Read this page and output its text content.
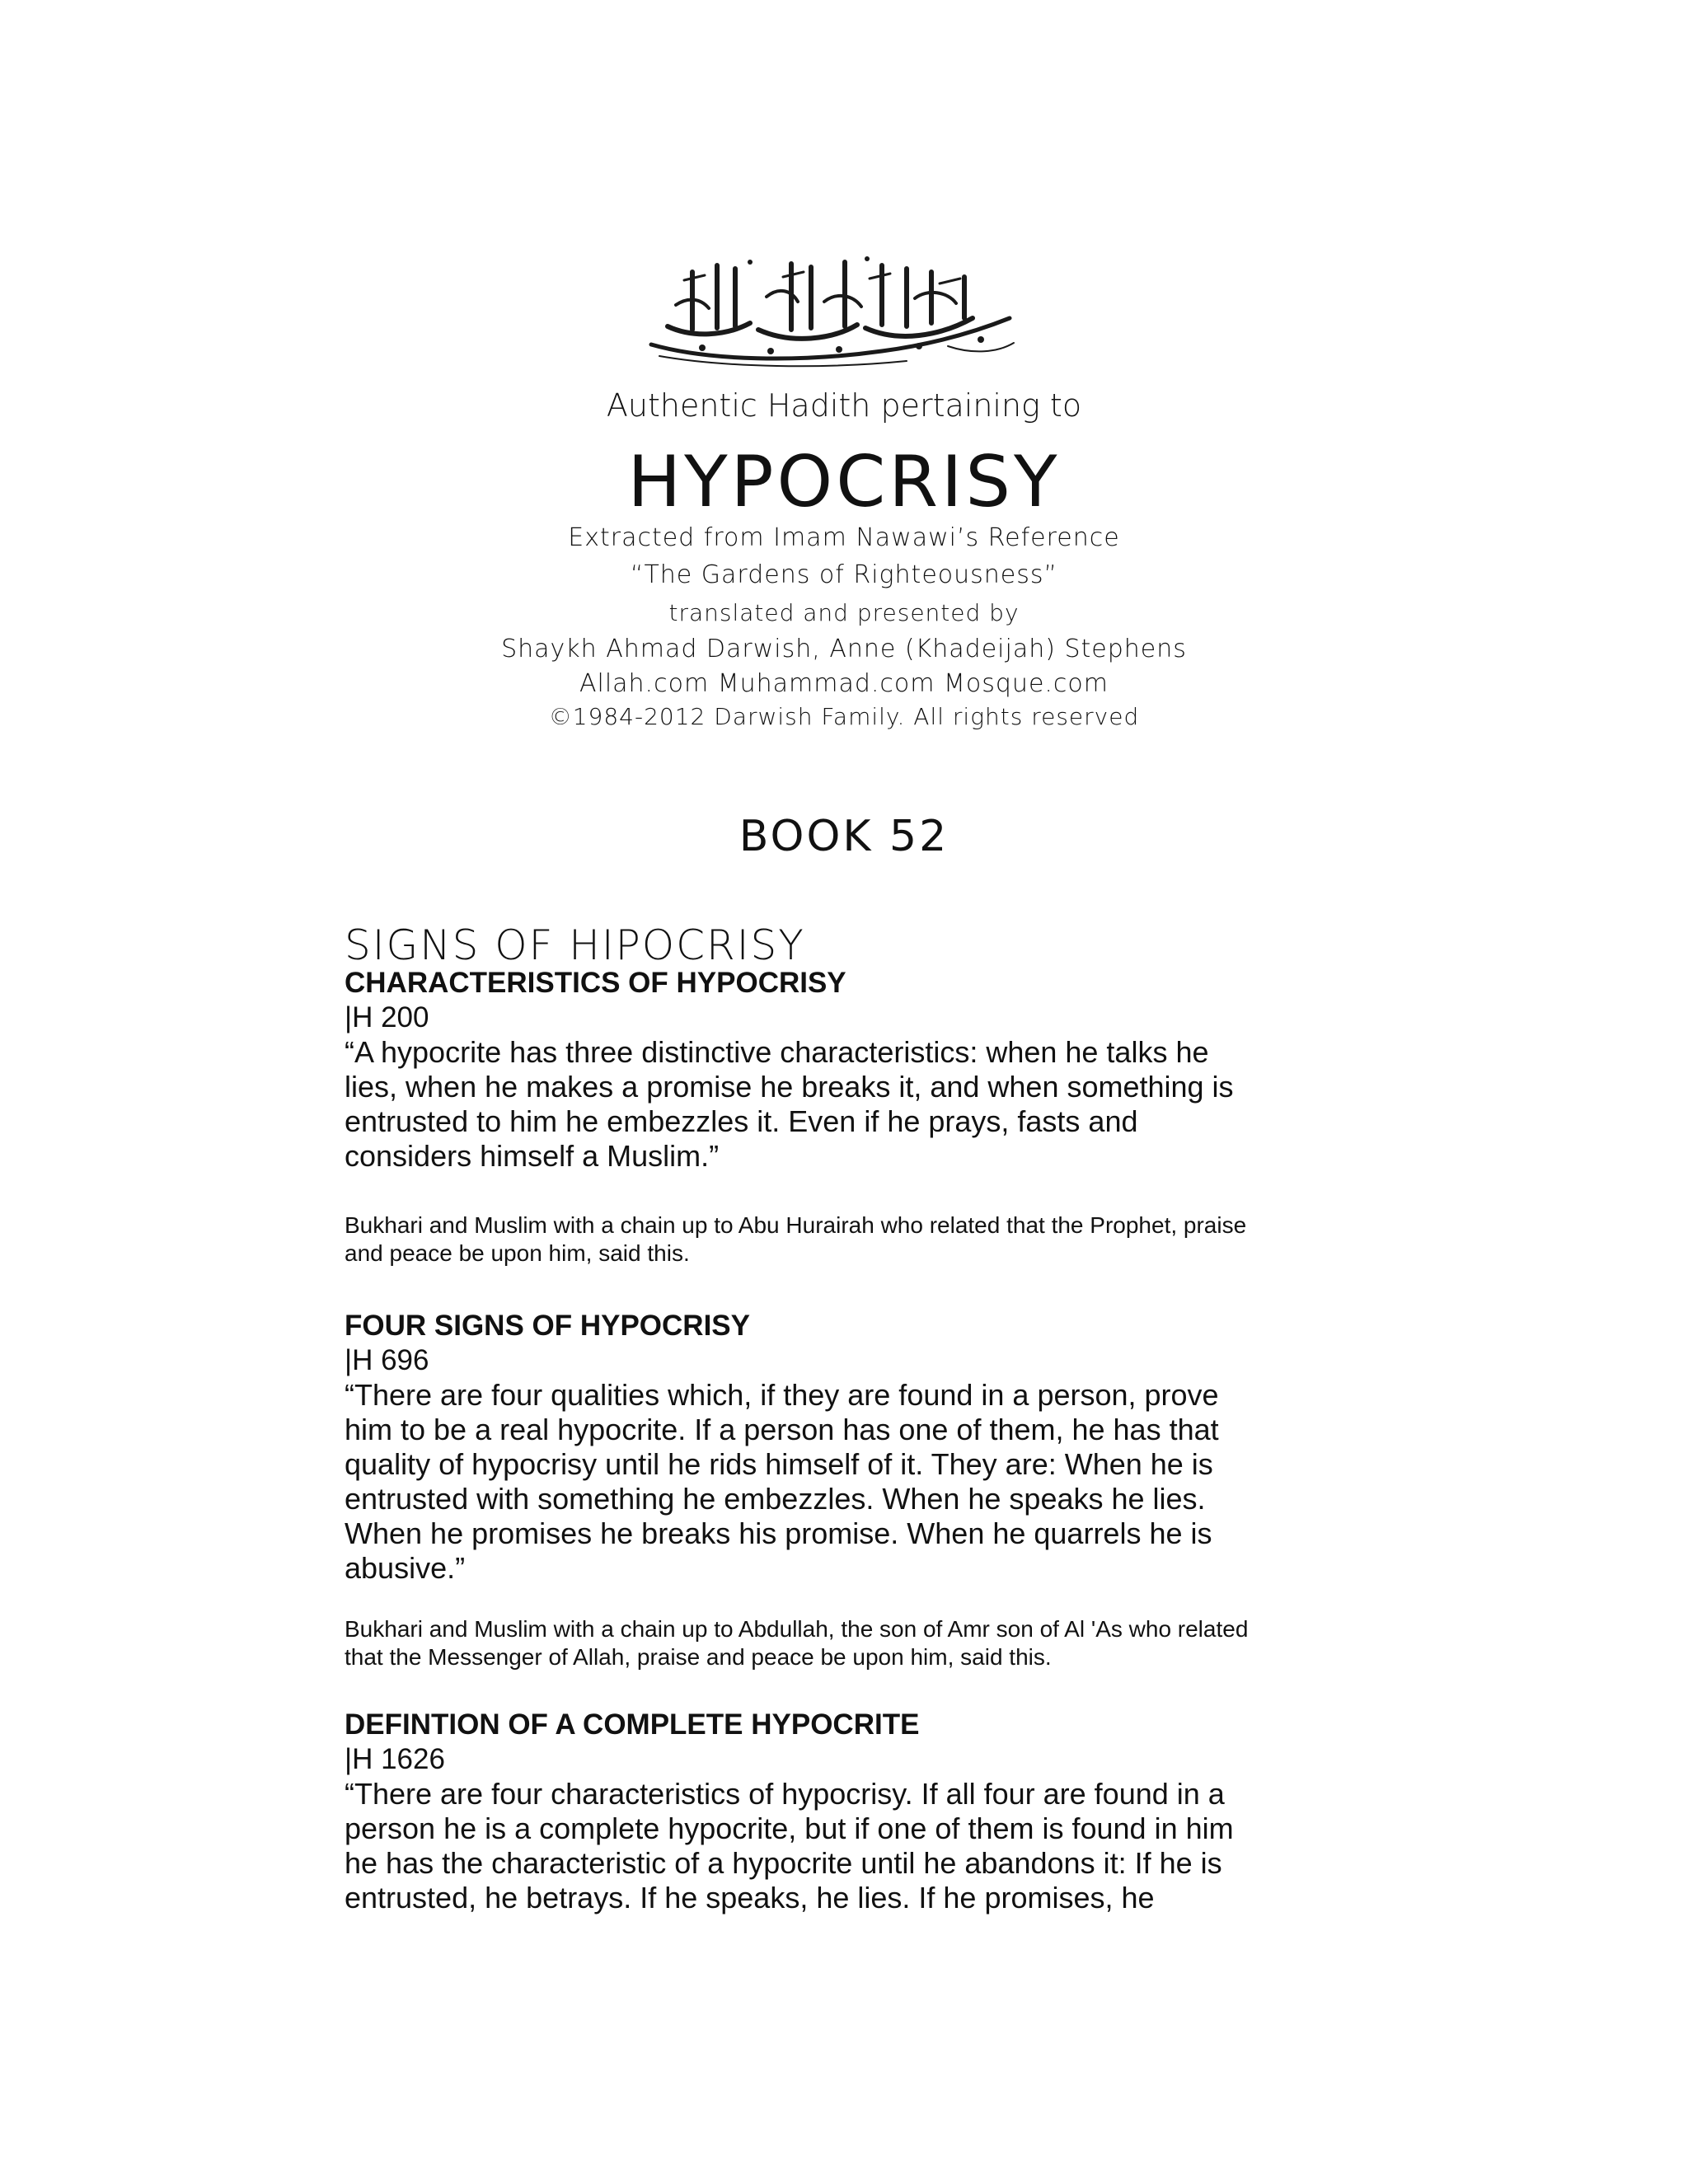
Authentic Hadith pertaining to
HYPOCRISY
Extracted from Imam Nawawi’s Reference
“The Gardens of Righteousness”
translated and presented by
Shaykh Ahmad Darwish, Anne (Khadeijah) Stephens
Allah.com Muhammad.com Mosque.com
©1984-2012 Darwish Family. All rights reserved
BOOK 52
SIGNS OF HIPOCRISY
CHARACTERISTICS OF HYPOCRISY
|H 200
“A hypocrite has three distinctive characteristics: when he talks he lies, when he makes a promise he breaks it, and when something is entrusted to him he embezzles it. Even if he prays, fasts and considers himself a Muslim.”
Bukhari and Muslim with a chain up to Abu Hurairah who related that the Prophet, praise and peace be upon him, said this.
FOUR SIGNS OF HYPOCRISY
|H 696
“There are four qualities which, if they are found in a person, prove him to be a real hypocrite. If a person has one of them, he has that quality of hypocrisy until he rids himself of it. They are: When he is entrusted with something he embezzles. When he speaks he lies. When he promises he breaks his promise. When he quarrels he is abusive.”
Bukhari and Muslim with a chain up to Abdullah, the son of Amr son of Al 'As who related that the Messenger of Allah, praise and peace be upon him, said this.
DEFINTION OF A COMPLETE HYPOCRITE
|H 1626
“There are four characteristics of hypocrisy. If all four are found in a person he is a complete hypocrite, but if one of them is found in him he has the characteristic of a hypocrite until he abandons it: If he is entrusted, he betrays. If he speaks, he lies. If he promises, he
